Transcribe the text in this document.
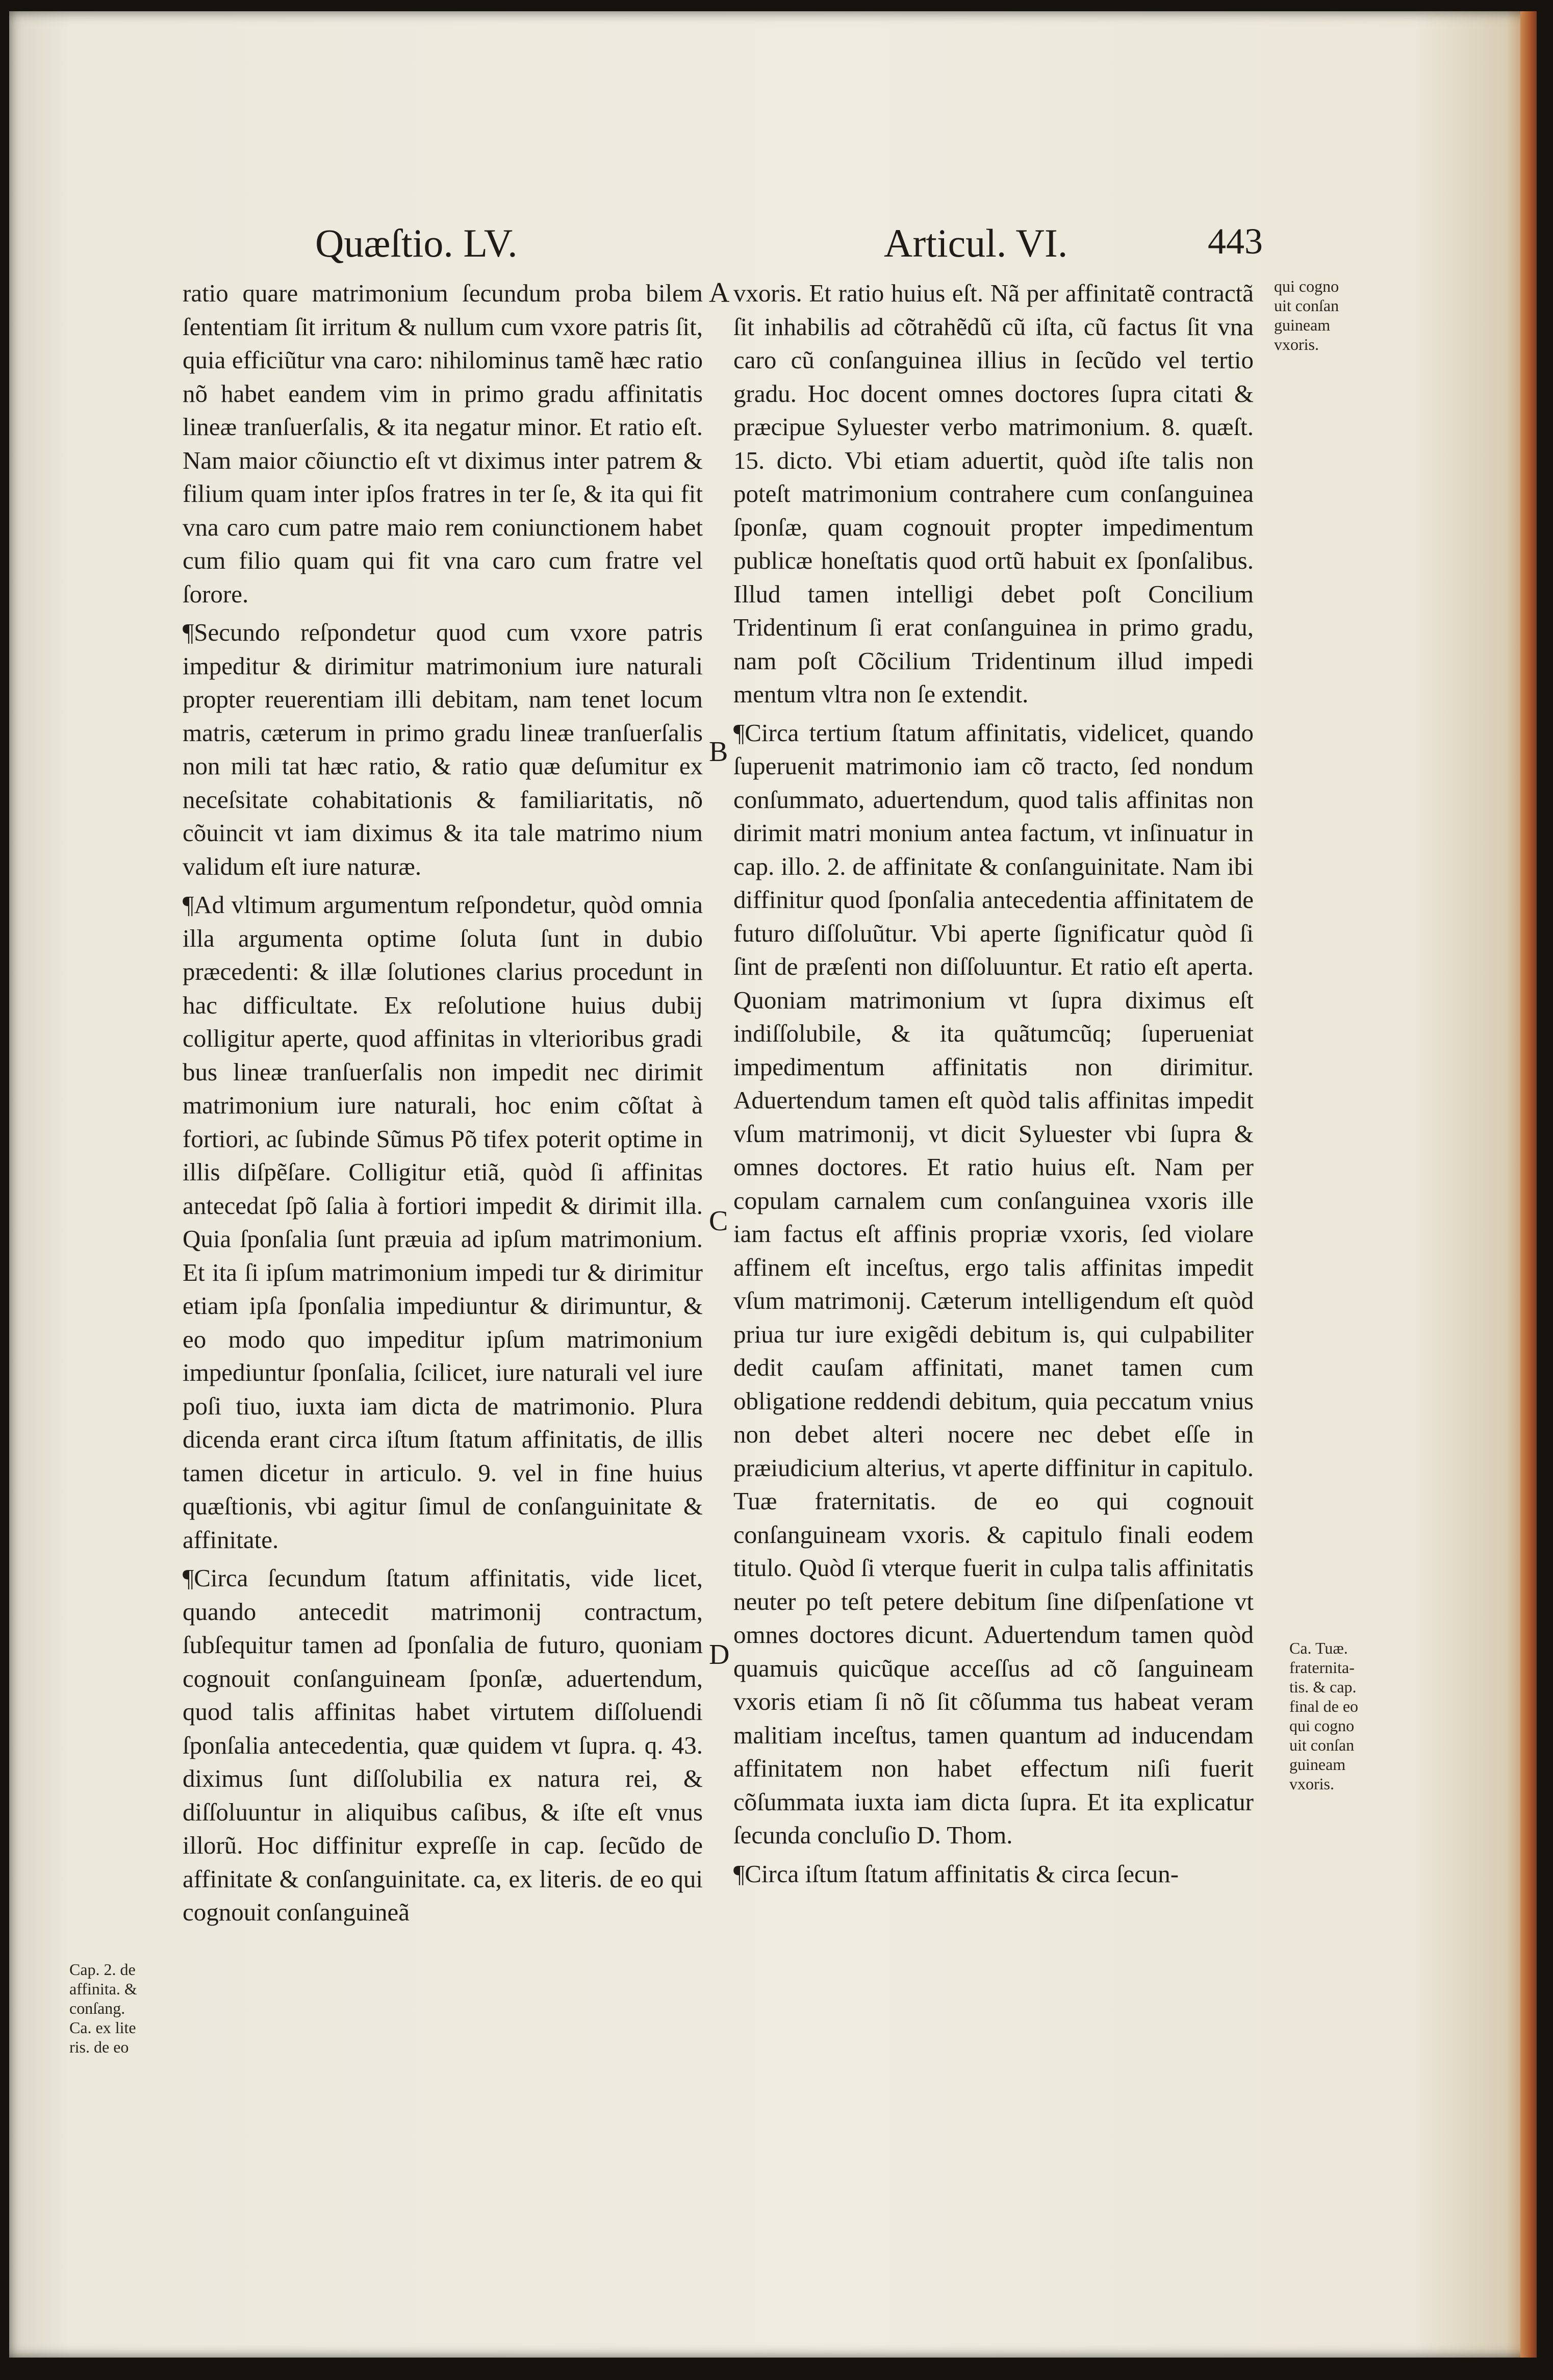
Quæſtio. LV.	Articul. VI.	443

ratio quare matrimonium ſecundum proba bilem ſententiam ſit irritum & nullum cum vxore patris ſit, quia efficiũtur vna caro: nihilominus tamẽ hæc ratio nõ habet eandem vim in primo gradu affinitatis lineæ tranſuerſalis, & ita negatur minor. Et ratio eſt. Nam maior cõiunctio eſt vt diximus inter patrem & filium quam inter ipſos fratres in ter ſe, & ita qui fit vna caro cum patre maio rem coniunctionem habet cum filio quam qui fit vna caro cum fratre vel ſorore.

¶Secundo reſpondetur quod cum vxore patris impeditur & dirimitur matrimonium iure naturali propter reuerentiam illi debitam, nam tenet locum matris, cæterum in primo gradu lineæ tranſuerſalis non mili tat hæc ratio, & ratio quæ deſumitur ex neceſsitate cohabitationis & familiaritatis, nõ cõuincit vt iam diximus & ita tale matrimo nium validum eſt iure naturæ.

¶Ad vltimum argumentum reſpondetur, quòd omnia illa argumenta optime ſoluta ſunt in dubio præcedenti: & illæ ſolutiones clarius procedunt in hac difficultate. Ex reſolutione huius dubij colligitur aperte, quod affinitas in vlterioribus gradi bus lineæ tranſuerſalis non impedit nec dirimit matrimonium iure naturali, hoc enim cõſtat à fortiori, ac ſubinde Sũmus Põ tifex poterit optime in illis diſpẽſare. Colligitur etiã, quòd ſi affinitas antecedat ſpõ ſalia à fortiori impedit & dirimit illa. Quia ſponſalia ſunt præuia ad ipſum matrimonium. Et ita ſi ipſum matrimonium impedi tur & dirimitur etiam ipſa ſponſalia impediuntur & dirimuntur, & eo modo quo impeditur ipſum matrimonium impediuntur ſponſalia, ſcilicet, iure naturali vel iure poſi tiuo, iuxta iam dicta de matrimonio. Plura dicenda erant circa iſtum ſtatum affinitatis, de illis tamen dicetur in articulo. 9. vel in fine huius quæſtionis, vbi agitur ſimul de conſanguinitate & affinitate.

¶Circa ſecundum ſtatum affinitatis, vide licet, quando antecedit matrimonij contractum, ſubſequitur tamen ad ſponſalia de futuro, quoniam cognouit conſanguineam ſponſæ, aduertendum, quod talis affinitas habet virtutem diſſoluendi ſponſalia antecedentia, quæ quidem vt ſupra. q. 43. diximus ſunt diſſolubilia ex natura rei, & diſſoluuntur in aliquibus caſibus, & iſte eſt vnus illorũ. Hoc diffinitur expreſſe in cap. ſecũdo de affinitate & conſanguinitate. ca, ex literis. de eo qui cognouit conſanguineã

A
B
C
D

vxoris. Et ratio huius eſt. Nã per affinitatẽ contractã ſit inhabilis ad cõtrahẽdũ cũ iſta, cũ factus ſit vna caro cũ conſanguinea illius in ſecũdo vel tertio gradu. Hoc docent omnes doctores ſupra citati & præcipue Syluester verbo matrimonium. 8. quæſt. 15. dicto. Vbi etiam aduertit, quòd iſte talis non poteſt matrimonium contrahere cum conſanguinea ſponſæ, quam cognouit propter impedimentum publicæ honeſtatis quod ortũ habuit ex ſponſalibus. Illud tamen intelligi debet poſt Concilium Tridentinum ſi erat conſanguinea in primo gradu, nam poſt Cõcilium Tridentinum illud impedi mentum vltra non ſe extendit.

¶Circa tertium ſtatum affinitatis, videlicet, quando ſuperuenit matrimonio iam cõ tracto, ſed nondum conſummato, aduertendum, quod talis affinitas non dirimit matri monium antea factum, vt inſinuatur in cap. illo. 2. de affinitate & conſanguinitate. Nam ibi diffinitur quod ſponſalia antecedentia affinitatem de futuro diſſoluũtur. Vbi aperte ſignificatur quòd ſi ſint de præſenti non diſſoluuntur. Et ratio eſt aperta. Quoniam matrimonium vt ſupra diximus eſt indiſſolubile, & ita quãtumcũq; ſuperueniat impedimentum affinitatis non dirimitur. Aduertendum tamen eſt quòd talis affinitas impedit vſum matrimonij, vt dicit Syluester vbi ſupra & omnes doctores. Et ratio huius eſt. Nam per copulam carnalem cum conſanguinea vxoris ille iam factus eſt affinis propriæ vxoris, ſed violare affinem eſt inceſtus, ergo talis affinitas impedit vſum matrimonij. Cæterum intelligendum eſt quòd priua tur iure exigẽdi debitum is, qui culpabiliter dedit cauſam affinitati, manet tamen cum obligatione reddendi debitum, quia peccatum vnius non debet alteri nocere nec debet eſſe in præiudicium alterius, vt aperte diffinitur in capitulo. Tuæ fraternitatis. de eo qui cognouit conſanguineam vxoris. & capitulo finali eodem titulo. Quòd ſi vterque fuerit in culpa talis affinitatis neuter po teſt petere debitum ſine diſpenſatione vt omnes doctores dicunt. Aduertendum tamen quòd quamuis quicũque acceſſus ad cõ ſanguineam vxoris etiam ſi nõ ſit cõſumma tus habeat veram malitiam inceſtus, tamen quantum ad inducendam affinitatem non habet effectum niſi fuerit cõſummata iuxta iam dicta ſupra. Et ita explicatur ſecunda concluſio D. Thom.

¶Circa iſtum ſtatum affinitatis & circa ſecun-

Cap. 2. de
affinita. &
conſang.
Ca. ex lite
ris. de eo
qui cogno
uit conſan
guineam
vxoris.
Ca. Tuæ.
fraternita-
tis. & cap.
final de eo
qui cogno
uit conſan
guineam
vxoris.
